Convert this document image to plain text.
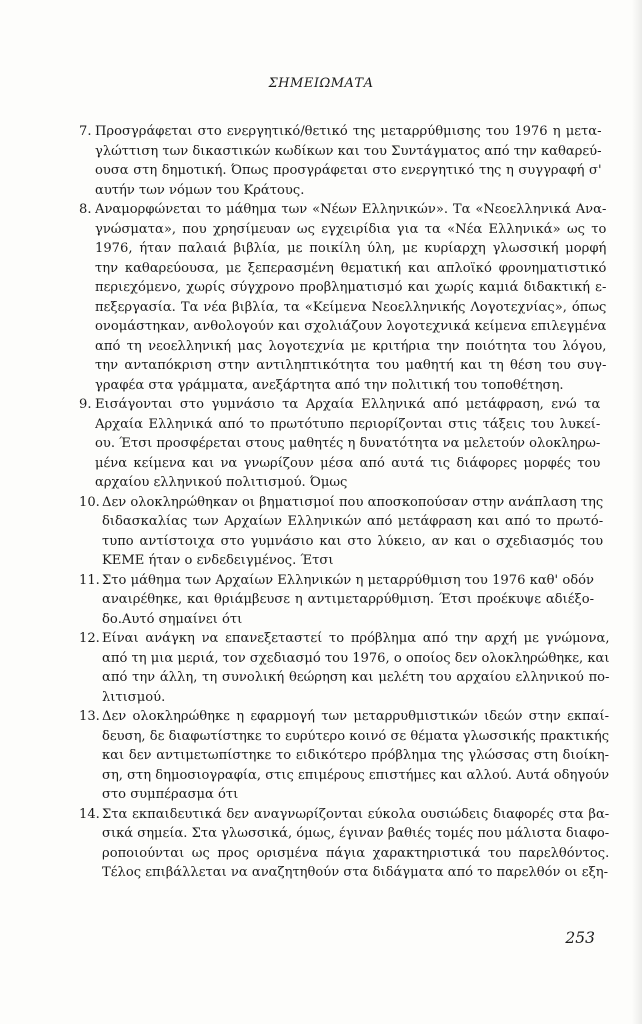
ΣΗΜΕΙΩΜΑΤΑ
7. Προσγράφεται στο ενεργητικό/θετικό της μεταρρύθμισης του 1976 η μετα-
γλώττιση των δικαστικών κωδίκων και του Συντάγματος από την καθαρεύ-
ουσα στη δημοτική. Όπως προσγράφεται στο ενεργητικό της η συγγραφή σ'
αυτήν των νόμων του Κράτους.
8. Αναμορφώνεται το μάθημα των «Νέων Ελληνικών». Τα «Νεοελληνικά Ανα-
γνώσματα», που χρησίμευαν ως εγχειρίδια για τα «Νέα Ελληνικά» ως το
1976, ήταν παλαιά βιβλία, με ποικίλη ύλη, με κυρίαρχη γλωσσική μορφή
την καθαρεύουσα, με ξεπερασμένη θεματική και απλοϊκό φρονηματιστικό
περιεχόμενο, χωρίς σύγχρονο προβληματισμό και χωρίς καμιά διδακτική ε-
πεξεργασία. Τα νέα βιβλία, τα «Κείμενα Νεοελληνικής Λογοτεχνίας», όπως
ονομάστηκαν, ανθολογούν και σχολιάζουν λογοτεχνικά κείμενα επιλεγμένα
από τη νεοελληνική μας λογοτεχνία με κριτήρια την ποιότητα του λόγου,
την ανταπόκριση στην αντιληπτικότητα του μαθητή και τη θέση του συγ-
γραφέα στα γράμματα, ανεξάρτητα από την πολιτική του τοποθέτηση.
9. Εισάγονται στο γυμνάσιο τα Αρχαία Ελληνικά από μετάφραση, ενώ τα
Αρχαία Ελληνικά από το πρωτότυπο περιορίζονται στις τάξεις του λυκεί-
ου. Έτσι προσφέρεται στους μαθητές η δυνατότητα να μελετούν ολοκληρω-
μένα κείμενα και να γνωρίζουν μέσα από αυτά τις διάφορες μορφές του
αρχαίου ελληνικού πολιτισμού. Όμως
10. Δεν ολοκληρώθηκαν οι βηματισμοί που αποσκοπούσαν στην ανάπλαση της
διδασκαλίας των Αρχαίων Ελληνικών από μετάφραση και από το πρωτό-
τυπο αντίστοιχα στο γυμνάσιο και στο λύκειο, αν και ο σχεδιασμός του
ΚΕΜΕ ήταν ο ενδεδειγμένος. Έτσι
11. Στο μάθημα των Αρχαίων Ελληνικών η μεταρρύθμιση του 1976 καθ' οδόν
αναιρέθηκε, και θριάμβευσε η αντιμεταρρύθμιση. Έτσι προέκυψε αδιέξο-
δο.Αυτό σημαίνει ότι
12. Είναι ανάγκη να επανεξεταστεί το πρόβλημα από την αρχή με γνώμονα,
από τη μια μεριά, τον σχεδιασμό του 1976, ο οποίος δεν ολοκληρώθηκε, και
από την άλλη, τη συνολική θεώρηση και μελέτη του αρχαίου ελληνικού πο-
λιτισμού.
13. Δεν ολοκληρώθηκε η εφαρμογή των μεταρρυθμιστικών ιδεών στην εκπαί-
δευση, δε διαφωτίστηκε το ευρύτερο κοινό σε θέματα γλωσσικής πρακτικής
και δεν αντιμετωπίστηκε το ειδικότερο πρόβλημα της γλώσσας στη διοίκη-
ση, στη δημοσιογραφία, στις επιμέρους επιστήμες και αλλού. Αυτά οδηγούν
στο συμπέρασμα ότι
14. Στα εκπαιδευτικά δεν αναγνωρίζονται εύκολα ουσιώδεις διαφορές στα βα-
σικά σημεία. Στα γλωσσικά, όμως, έγιναν βαθιές τομές που μάλιστα διαφο-
ροποιούνται ως προς ορισμένα πάγια χαρακτηριστικά του παρελθόντος.
Τέλος επιβάλλεται να αναζητηθούν στα διδάγματα από το παρελθόν οι εξη-
253
